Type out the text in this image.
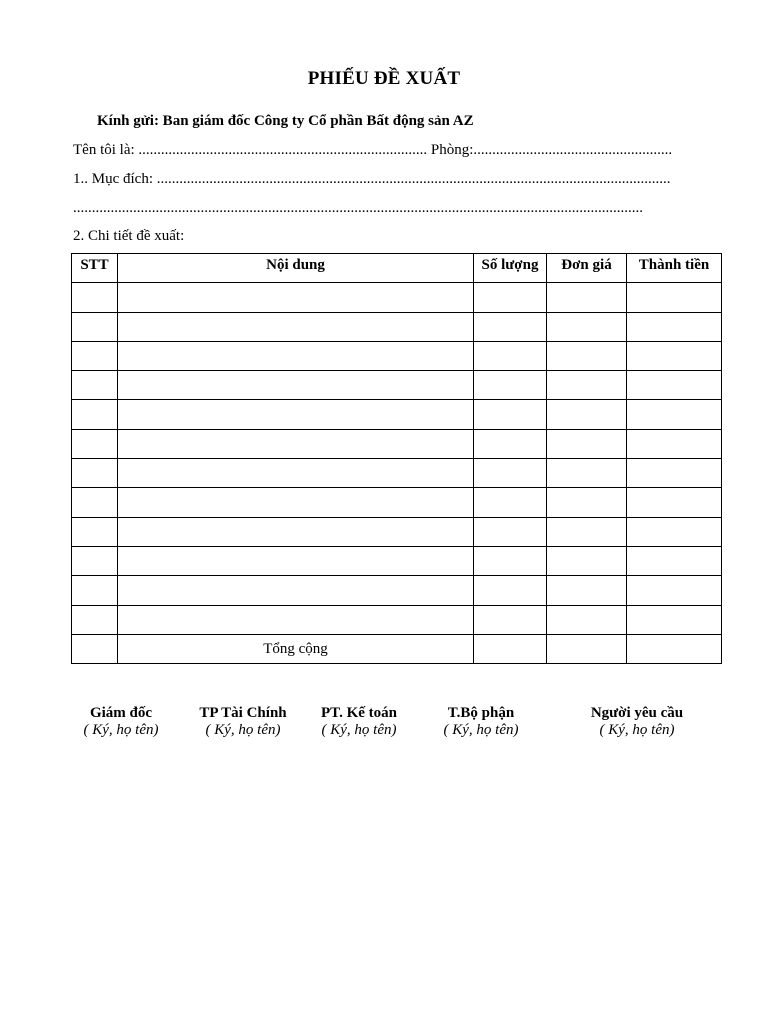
PHIẾU ĐỀ XUẤT
Kính gửi: Ban giám đốc Công ty Cổ phần Bất động sản AZ
Tên tôi là: ............................................................................. Phòng:.....................................................
1.. Mục đích: .........................................................................................................................................
........................................................................................................................................................
2. Chi tiết đề xuất:
STT	Nội dung	Số lượng	Đơn giá	Thành tiền

	Tổng cộng			
Giám đốc
( Ký, họ tên)
TP Tài Chính
( Ký, họ tên)
PT. Kế toán
( Ký, họ tên)
T.Bộ phận
( Ký, họ tên)
Người yêu cầu
( Ký, họ tên)
